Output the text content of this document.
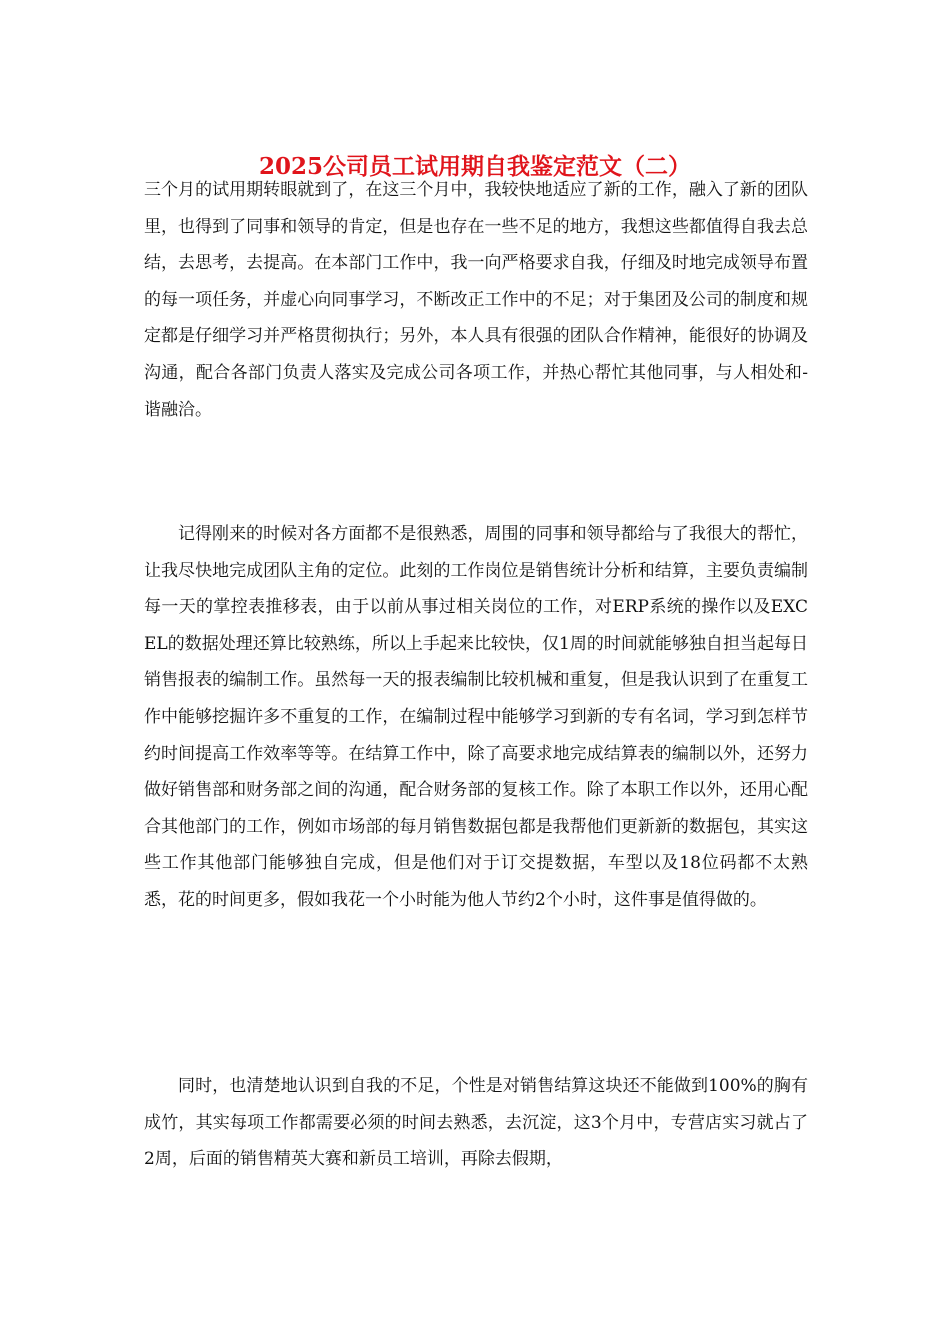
2025公司员工试用期自我鉴定范文（二）

三个月的试用期转眼就到了，在这三个月中，我较快地适应了新的工作，融入了新的团队里，也得到了同事和领导的肯定，但是也存在一些不足的地方，我想这些都值得自我去总结，去思考，去提高。在本部门工作中，我一向严格要求自我，仔细及时地完成领导布置的每一项任务，并虚心向同事学习，不断改正工作中的不足；对于集团及公司的制度和规定都是仔细学习并严格贯彻执行；另外，本人具有很强的团队合作精神，能很好的协调及沟通，配合各部门负责人落实及完成公司各项工作，并热心帮忙其他同事，与人相处和-谐融洽。

记得刚来的时候对各方面都不是很熟悉，周围的同事和领导都给与了我很大的帮忙，让我尽快地完成团队主角的定位。此刻的工作岗位是销售统计分析和结算，主要负责编制每一天的掌控表推移表，由于以前从事过相关岗位的工作，对ERP系统的操作以及EXCEL的数据处理还算比较熟练，所以上手起来比较快，仅1周的时间就能够独自担当起每日销售报表的编制工作。虽然每一天的报表编制比较机械和重复，但是我认识到了在重复工作中能够挖掘许多不重复的工作，在编制过程中能够学习到新的专有名词，学习到怎样节约时间提高工作效率等等。在结算工作中，除了高要求地完成结算表的编制以外，还努力做好销售部和财务部之间的沟通，配合财务部的复核工作。除了本职工作以外，还用心配合其他部门的工作，例如市场部的每月销售数据包都是我帮他们更新新的数据包，其实这些工作其他部门能够独自完成，但是他们对于订交提数据，车型以及18位码都不太熟悉，花的时间更多，假如我花一个小时能为他人节约2个小时，这件事是值得做的。

同时，也清楚地认识到自我的不足，个性是对销售结算这块还不能做到100%的胸有成竹，其实每项工作都需要必须的时间去熟悉，去沉淀，这3个月中，专营店实习就占了2周，后面的销售精英大赛和新员工培训，再除去假期，
